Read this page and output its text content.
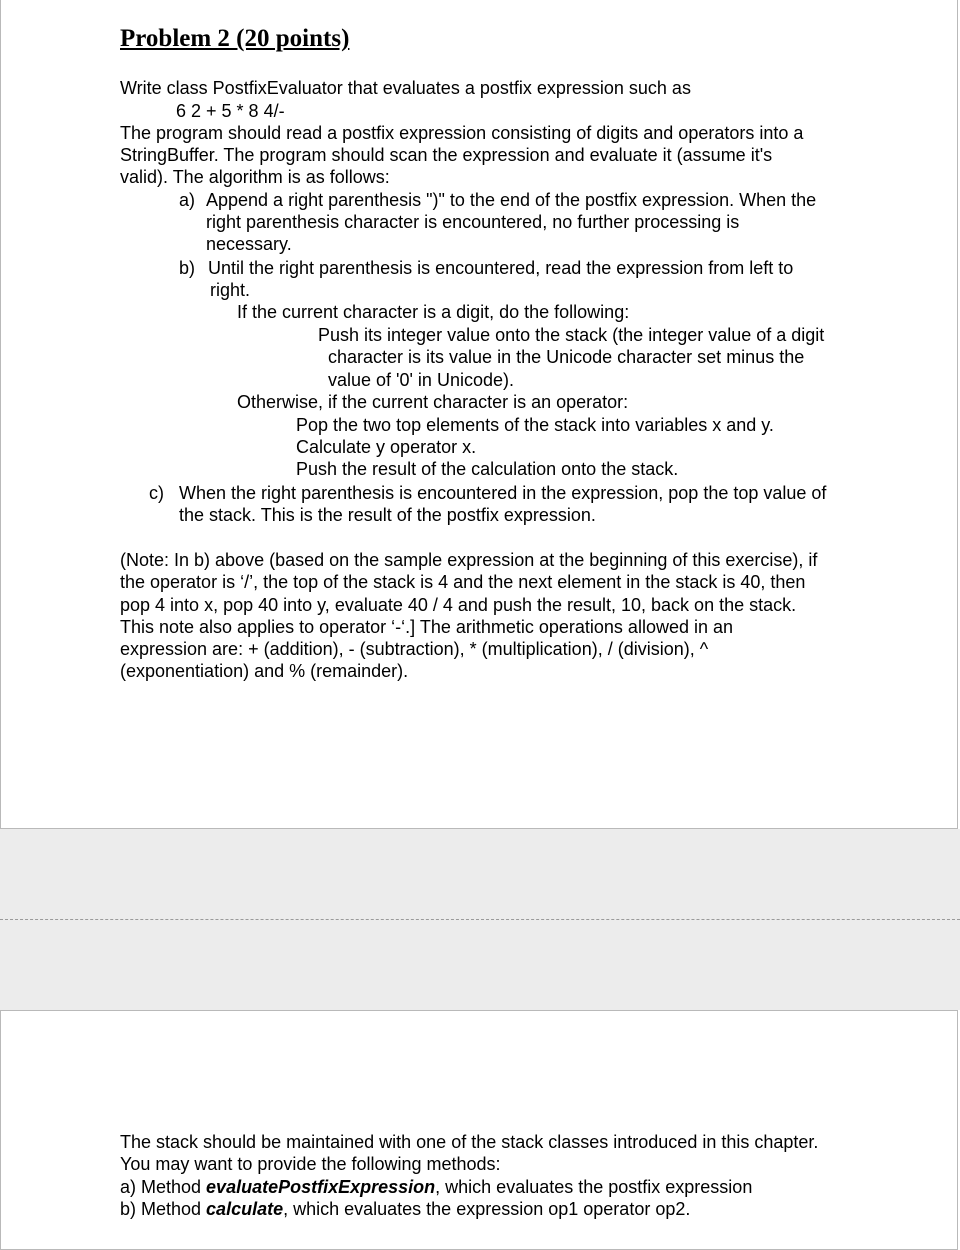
Problem 2 (20 points)
Write class PostfixEvaluator that evaluates a postfix expression such as
6 2 + 5 * 8 4/-
The program should read a postfix expression consisting of digits and operators into a
StringBuffer. The program should scan the expression and evaluate it (assume it's
valid). The algorithm is as follows:
a) Append a right parenthesis ")" to the end of the postfix expression. When the
right parenthesis character is encountered, no further processing is
necessary.
b) Until the right parenthesis is encountered, read the expression from left to
right.
If the current character is a digit, do the following:
Push its integer value onto the stack (the integer value of a digit
character is its value in the Unicode character set minus the
value of '0' in Unicode).
Otherwise, if the current character is an operator:
Pop the two top elements of the stack into variables x and y.
Calculate y operator x.
Push the result of the calculation onto the stack.
c) When the right parenthesis is encountered in the expression, pop the top value of
the stack. This is the result of the postfix expression.
(Note: In b) above (based on the sample expression at the beginning of this exercise), if
the operator is ‘/’, the top of the stack is 4 and the next element in the stack is 40, then
pop 4 into x, pop 40 into y, evaluate 40 / 4 and push the result, 10, back on the stack.
This note also applies to operator ‘-‘.] The arithmetic operations allowed in an
expression are: + (addition), - (subtraction), * (multiplication), / (division), ^
(exponentiation) and % (remainder).
The stack should be maintained with one of the stack classes introduced in this chapter.
You may want to provide the following methods:
a) Method evaluatePostfixExpression, which evaluates the postfix expression
b) Method calculate, which evaluates the expression op1 operator op2.
